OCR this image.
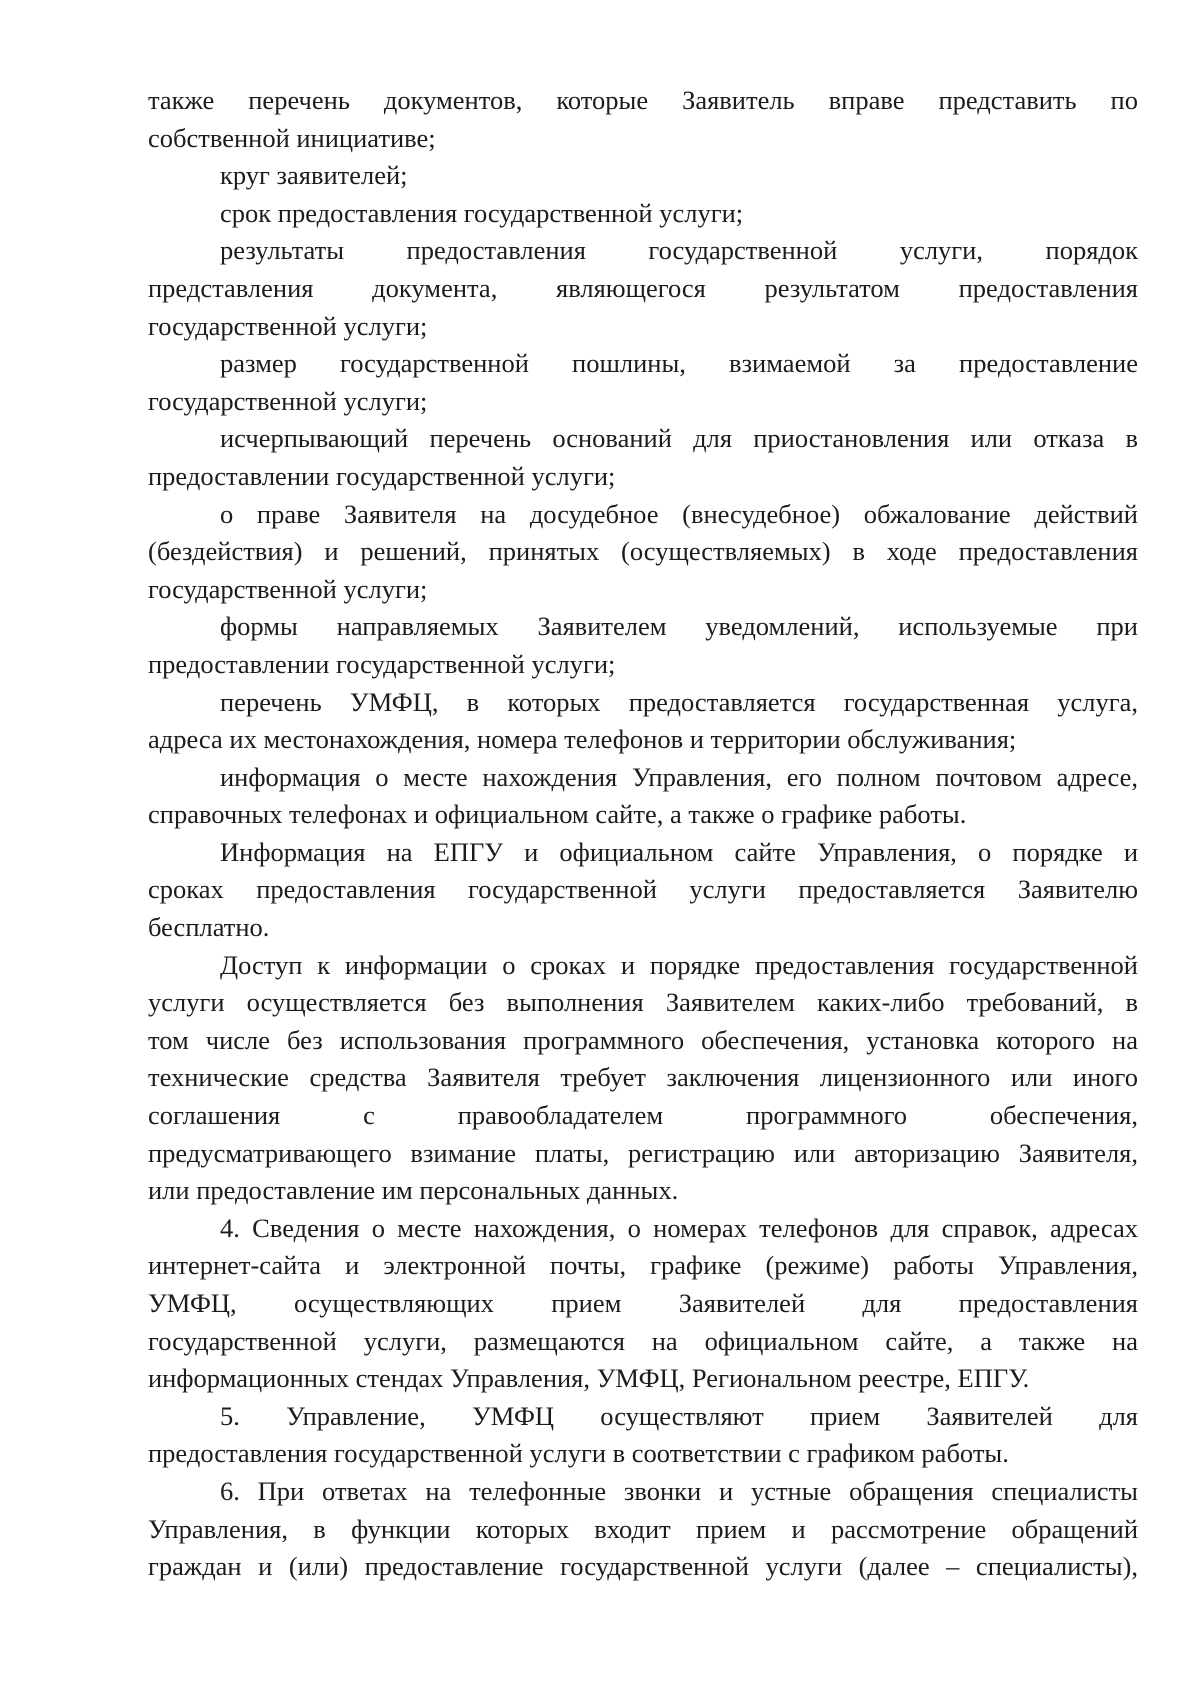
также перечень документов, которые Заявитель вправе представить по
собственной инициативе;
круг заявителей;
срок предоставления государственной услуги;
результаты предоставления государственной услуги, порядок
представления документа, являющегося результатом предоставления
государственной услуги;
размер государственной пошлины, взимаемой за предоставление
государственной услуги;
исчерпывающий перечень оснований для приостановления или отказа в
предоставлении государственной услуги;
о праве Заявителя на досудебное (внесудебное) обжалование действий
(бездействия) и решений, принятых (осуществляемых) в ходе предоставления
государственной услуги;
формы направляемых Заявителем уведомлений, используемые при
предоставлении государственной услуги;
перечень УМФЦ, в которых предоставляется государственная услуга,
адреса их местонахождения, номера телефонов и территории обслуживания;
информация о месте нахождения Управления, его полном почтовом адресе,
справочных телефонах и официальном сайте, а также о графике работы.
Информация на ЕПГУ и официальном сайте Управления, о порядке и
сроках предоставления государственной услуги предоставляется Заявителю
бесплатно.
Доступ к информации о сроках и порядке предоставления государственной
услуги осуществляется без выполнения Заявителем каких-либо требований, в
том числе без использования программного обеспечения, установка которого на
технические средства Заявителя требует заключения лицензионного или иного
соглашения с правообладателем программного обеспечения,
предусматривающего взимание платы, регистрацию или авторизацию Заявителя,
или предоставление им персональных данных.
4. Сведения о месте нахождения, о номерах телефонов для справок, адресах
интернет-сайта и электронной почты, графике (режиме) работы Управления,
УМФЦ, осуществляющих прием Заявителей для предоставления
государственной услуги, размещаются на официальном сайте, а также на
информационных стендах Управления, УМФЦ, Региональном реестре, ЕПГУ.
5. Управление, УМФЦ осуществляют прием Заявителей для
предоставления государственной услуги в соответствии с графиком работы.
6. При ответах на телефонные звонки и устные обращения специалисты
Управления, в функции которых входит прием и рассмотрение обращений
граждан и (или) предоставление государственной услуги (далее – специалисты),
